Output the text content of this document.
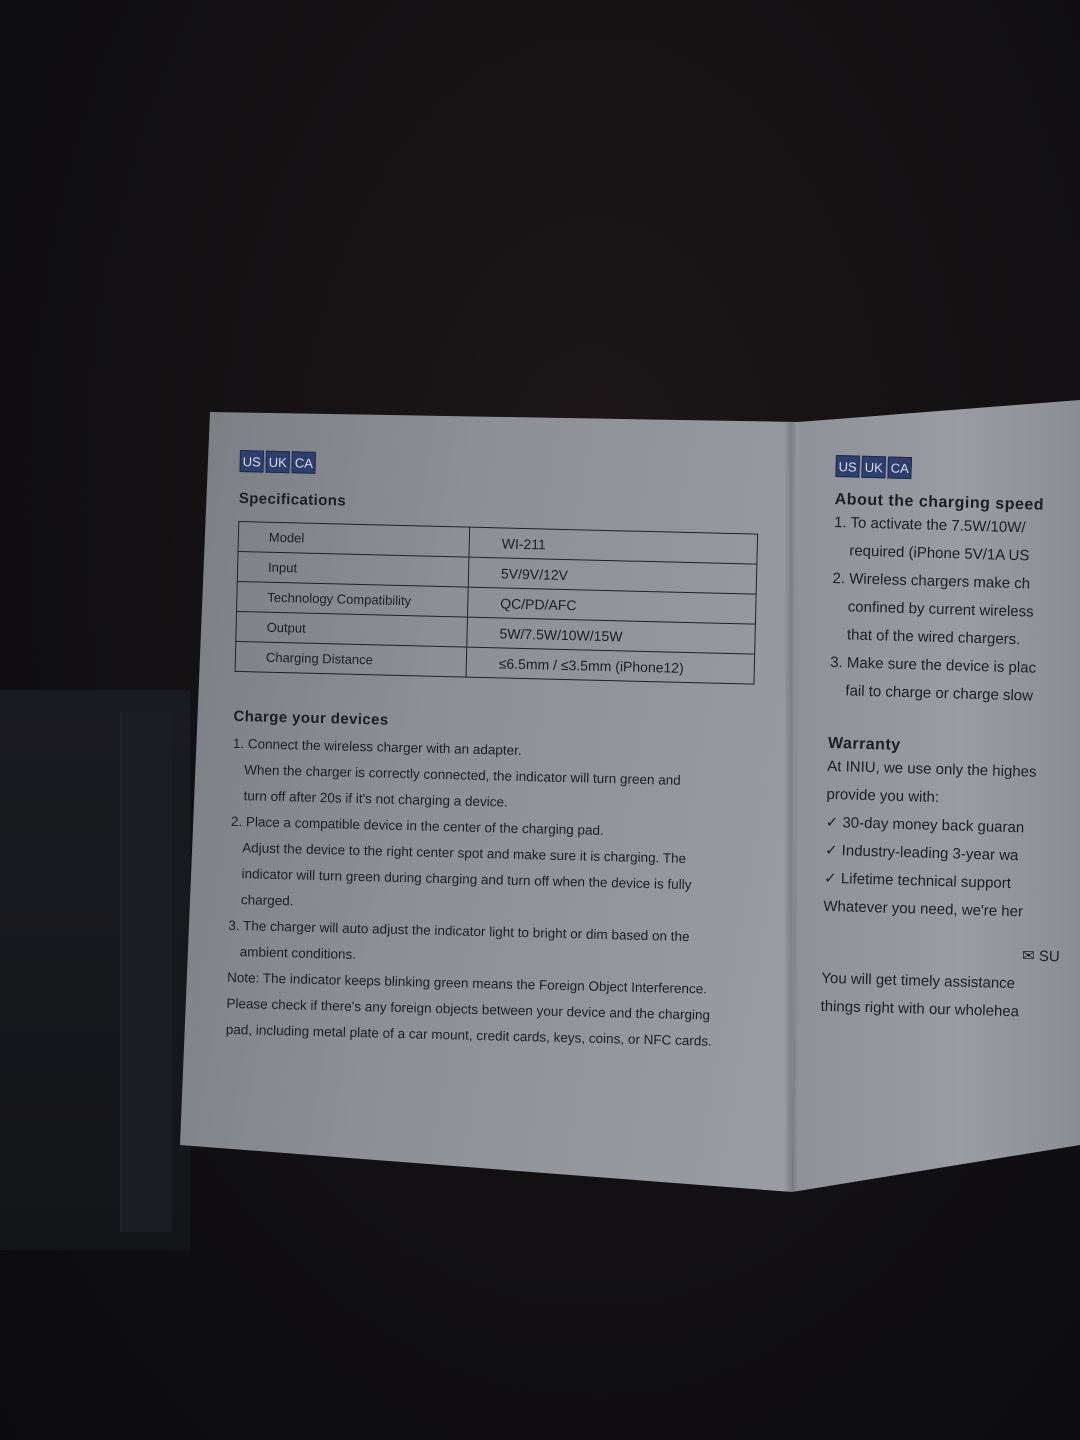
US UK CA
Specifications
Model	WI-211
Input	5V/9V/12V
Technology Compatibility	QC/PD/AFC
Output	5W/7.5W/10W/15W
Charging Distance	≤6.5mm / ≤3.5mm (iPhone12)
Charge your devices
1. Connect the wireless charger with an adapter.
When the charger is correctly connected, the indicator will turn green and
turn off after 20s if it's not charging a device.
2. Place a compatible device in the center of the charging pad.
Adjust the device to the right center spot and make sure it is charging. The
indicator will turn green during charging and turn off when the device is fully
charged.
3. The charger will auto adjust the indicator light to bright or dim based on the
ambient conditions.
Note: The indicator keeps blinking green means the Foreign Object Interference.
Please check if there's any foreign objects between your device and the charging
pad, including metal plate of a car mount, credit cards, keys, coins, or NFC cards.
US UK CA
About the charging speed
1. To activate the 7.5W/10W/
required (iPhone 5V/1A US
2. Wireless chargers make ch
confined by current wireless
that of the wired chargers.
3. Make sure the device is plac
fail to charge or charge slow
Warranty
At INIU, we use only the highes
provide you with:
✓ 30-day money back guaran
✓ Industry-leading 3-year wa
✓ Lifetime technical support
Whatever you need, we're her
✉ SU
You will get timely assistance
things right with our wholehea
